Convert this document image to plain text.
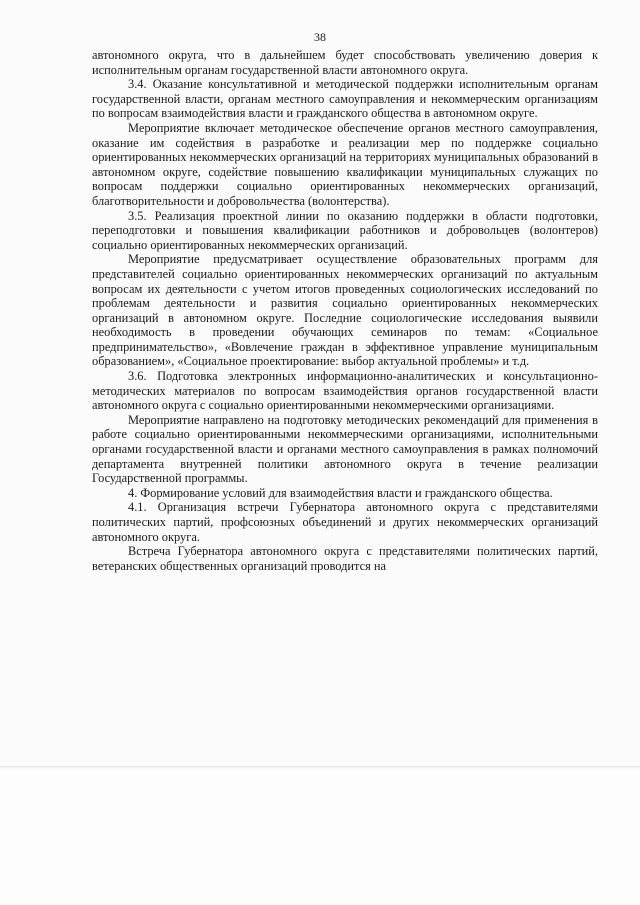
38

автономного округа, что в дальнейшем будет способствовать увеличению доверия к исполнительным органам государственной власти автономного округа.

3.4. Оказание консультативной и методической поддержки исполнительным органам государственной власти, органам местного самоуправления и некоммерческим организациям по вопросам взаимодействия власти и гражданского общества в автономном округе.

Мероприятие включает методическое обеспечение органов местного самоуправления, оказание им содействия в разработке и реализации мер по поддержке социально ориентированных некоммерческих организаций на территориях муниципальных образований в автономном округе, содействие повышению квалификации муниципальных служащих по вопросам поддержки социально ориентированных некоммерческих организаций, благотворительности и добровольчества (волонтерства).

3.5. Реализация проектной линии по оказанию поддержки в области подготовки, переподготовки и повышения квалификации работников и добровольцев (волонтеров) социально ориентированных некоммерческих организаций.

Мероприятие предусматривает осуществление образовательных программ для представителей социально ориентированных некоммерческих организаций по актуальным вопросам их деятельности с учетом итогов проведенных социологических исследований по проблемам деятельности и развития социально ориентированных некоммерческих организаций в автономном округе. Последние социологические исследования выявили необходимость в проведении обучающих семинаров по темам: «Социальное предпринимательство», «Вовлечение граждан в эффективное управление муниципальным образованием», «Социальное проектирование: выбор актуальной проблемы» и т.д.

3.6. Подготовка электронных информационно-аналитических и консультационно-методических материалов по вопросам взаимодействия органов государственной власти автономного округа с социально ориентированными некоммерческими организациями.

Мероприятие направлено на подготовку методических рекомендаций для применения в работе социально ориентированными некоммерческими организациями, исполнительными органами государственной власти и органами местного самоуправления в рамках полномочий департамента внутренней политики автономного округа в течение реализации Государственной программы.

4. Формирование условий для взаимодействия власти и гражданского общества.

4.1. Организация встречи Губернатора автономного округа с представителями политических партий, профсоюзных объединений и других некоммерческих организаций автономного округа.

Встреча Губернатора автономного округа с представителями политических партий, ветеранских общественных организаций проводится на
